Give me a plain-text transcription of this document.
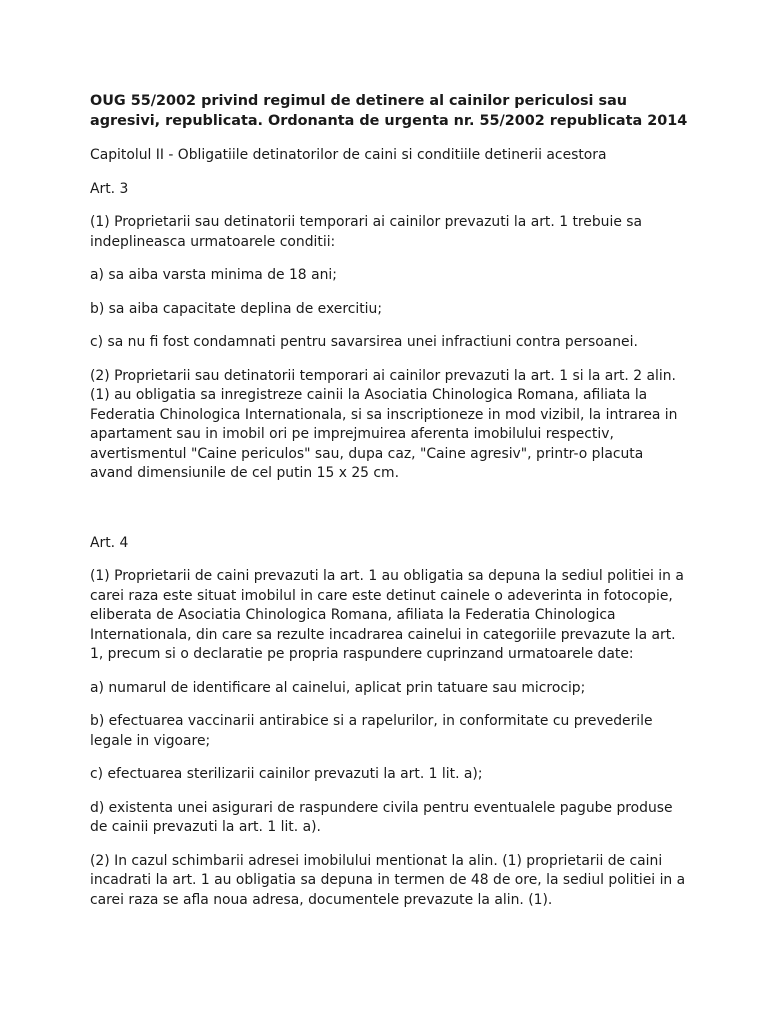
OUG 55/2002 privind regimul de detinere al cainilor periculosi sau agresivi, republicata. Ordonanta de urgenta nr. 55/2002 republicata 2014

Capitolul II - Obligatiile detinatorilor de caini si conditiile detinerii acestora

Art. 3

(1) Proprietarii sau detinatorii temporari ai cainilor prevazuti la art. 1 trebuie sa indeplineasca urmatoarele conditii:

a) sa aiba varsta minima de 18 ani;

b) sa aiba capacitate deplina de exercitiu;

c) sa nu fi fost condamnati pentru savarsirea unei infractiuni contra persoanei.

(2) Proprietarii sau detinatorii temporari ai cainilor prevazuti la art. 1 si la art. 2 alin. (1) au obligatia sa inregistreze cainii la Asociatia Chinologica Romana, afiliata la Federatia Chinologica Internationala, si sa inscriptioneze in mod vizibil, la intrarea in apartament sau in imobil ori pe imprejmuirea aferenta imobilului respectiv, avertismentul "Caine periculos" sau, dupa caz, "Caine agresiv", printr-o placuta avand dimensiunile de cel putin 15 x 25 cm.

Art. 4

(1) Proprietarii de caini prevazuti la art. 1 au obligatia sa depuna la sediul politiei in a carei raza este situat imobilul in care este detinut cainele o adeverinta in fotocopie, eliberata de Asociatia Chinologica Romana, afiliata la Federatia Chinologica Internationala, din care sa rezulte incadrarea cainelui in categoriile prevazute la art. 1, precum si o declaratie pe propria raspundere cuprinzand urmatoarele date:

a) numarul de identificare al cainelui, aplicat prin tatuare sau microcip;

b) efectuarea vaccinarii antirabice si a rapelurilor, in conformitate cu prevederile legale in vigoare;

c) efectuarea sterilizarii cainilor prevazuti la art. 1 lit. a);

d) existenta unei asigurari de raspundere civila pentru eventualele pagube produse de cainii prevazuti la art. 1 lit. a).

(2) In cazul schimbarii adresei imobilului mentionat la alin. (1) proprietarii de caini incadrati la art. 1 au obligatia sa depuna in termen de 48 de ore, la sediul politiei in a carei raza se afla noua adresa, documentele prevazute la alin. (1).
